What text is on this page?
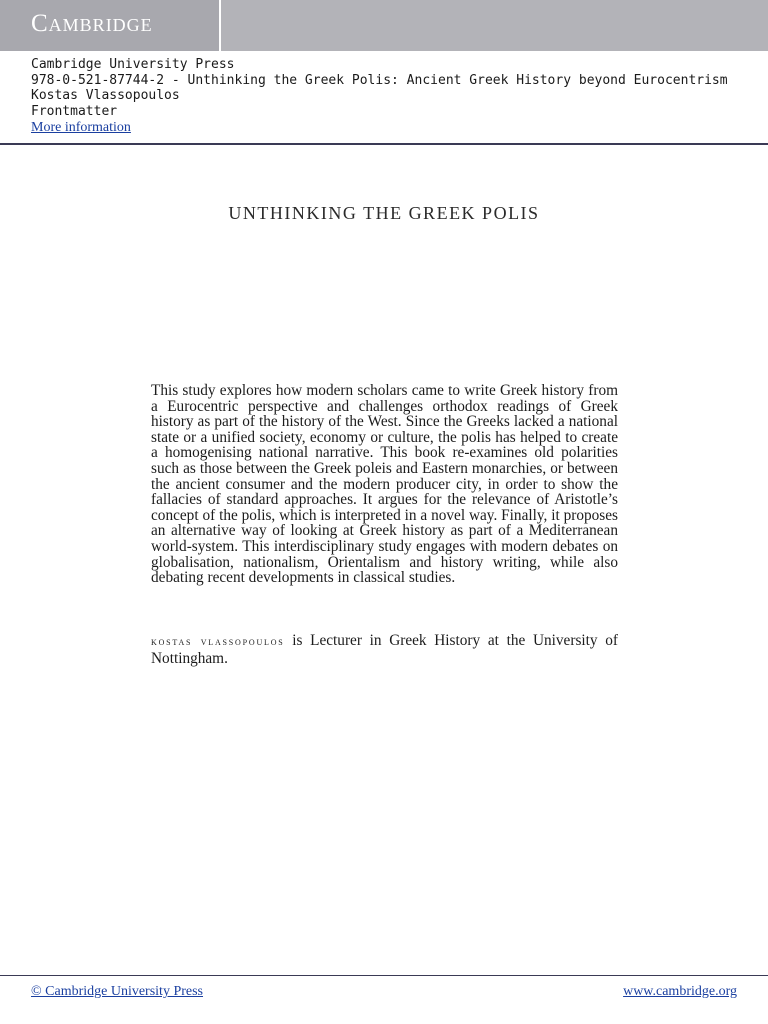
Cambridge
Cambridge University Press
978-0-521-87744-2 - Unthinking the Greek Polis: Ancient Greek History beyond Eurocentrism
Kostas Vlassopoulos
Frontmatter
More information
UNTHINKING THE GREEK POLIS

This study explores how modern scholars came to write Greek history from a Eurocentric perspective and challenges orthodox readings of Greek history as part of the history of the West. Since the Greeks lacked a national state or a unified society, economy or culture, the polis has helped to create a homogenising national narrative. This book re-examines old polarities such as those between the Greek poleis and Eastern monarchies, or between the ancient consumer and the modern producer city, in order to show the fallacies of standard approaches. It argues for the relevance of Aristotle’s concept of the polis, which is interpreted in a novel way. Finally, it proposes an alternative way of looking at Greek history as part of a Mediterranean world-system. This interdisciplinary study engages with modern debates on globalisation, nationalism, Orientalism and history writing, while also debating recent developments in classical studies.

kostas vlassopoulos is Lecturer in Greek History at the University of Nottingham.

© Cambridge University Press	www.cambridge.org
